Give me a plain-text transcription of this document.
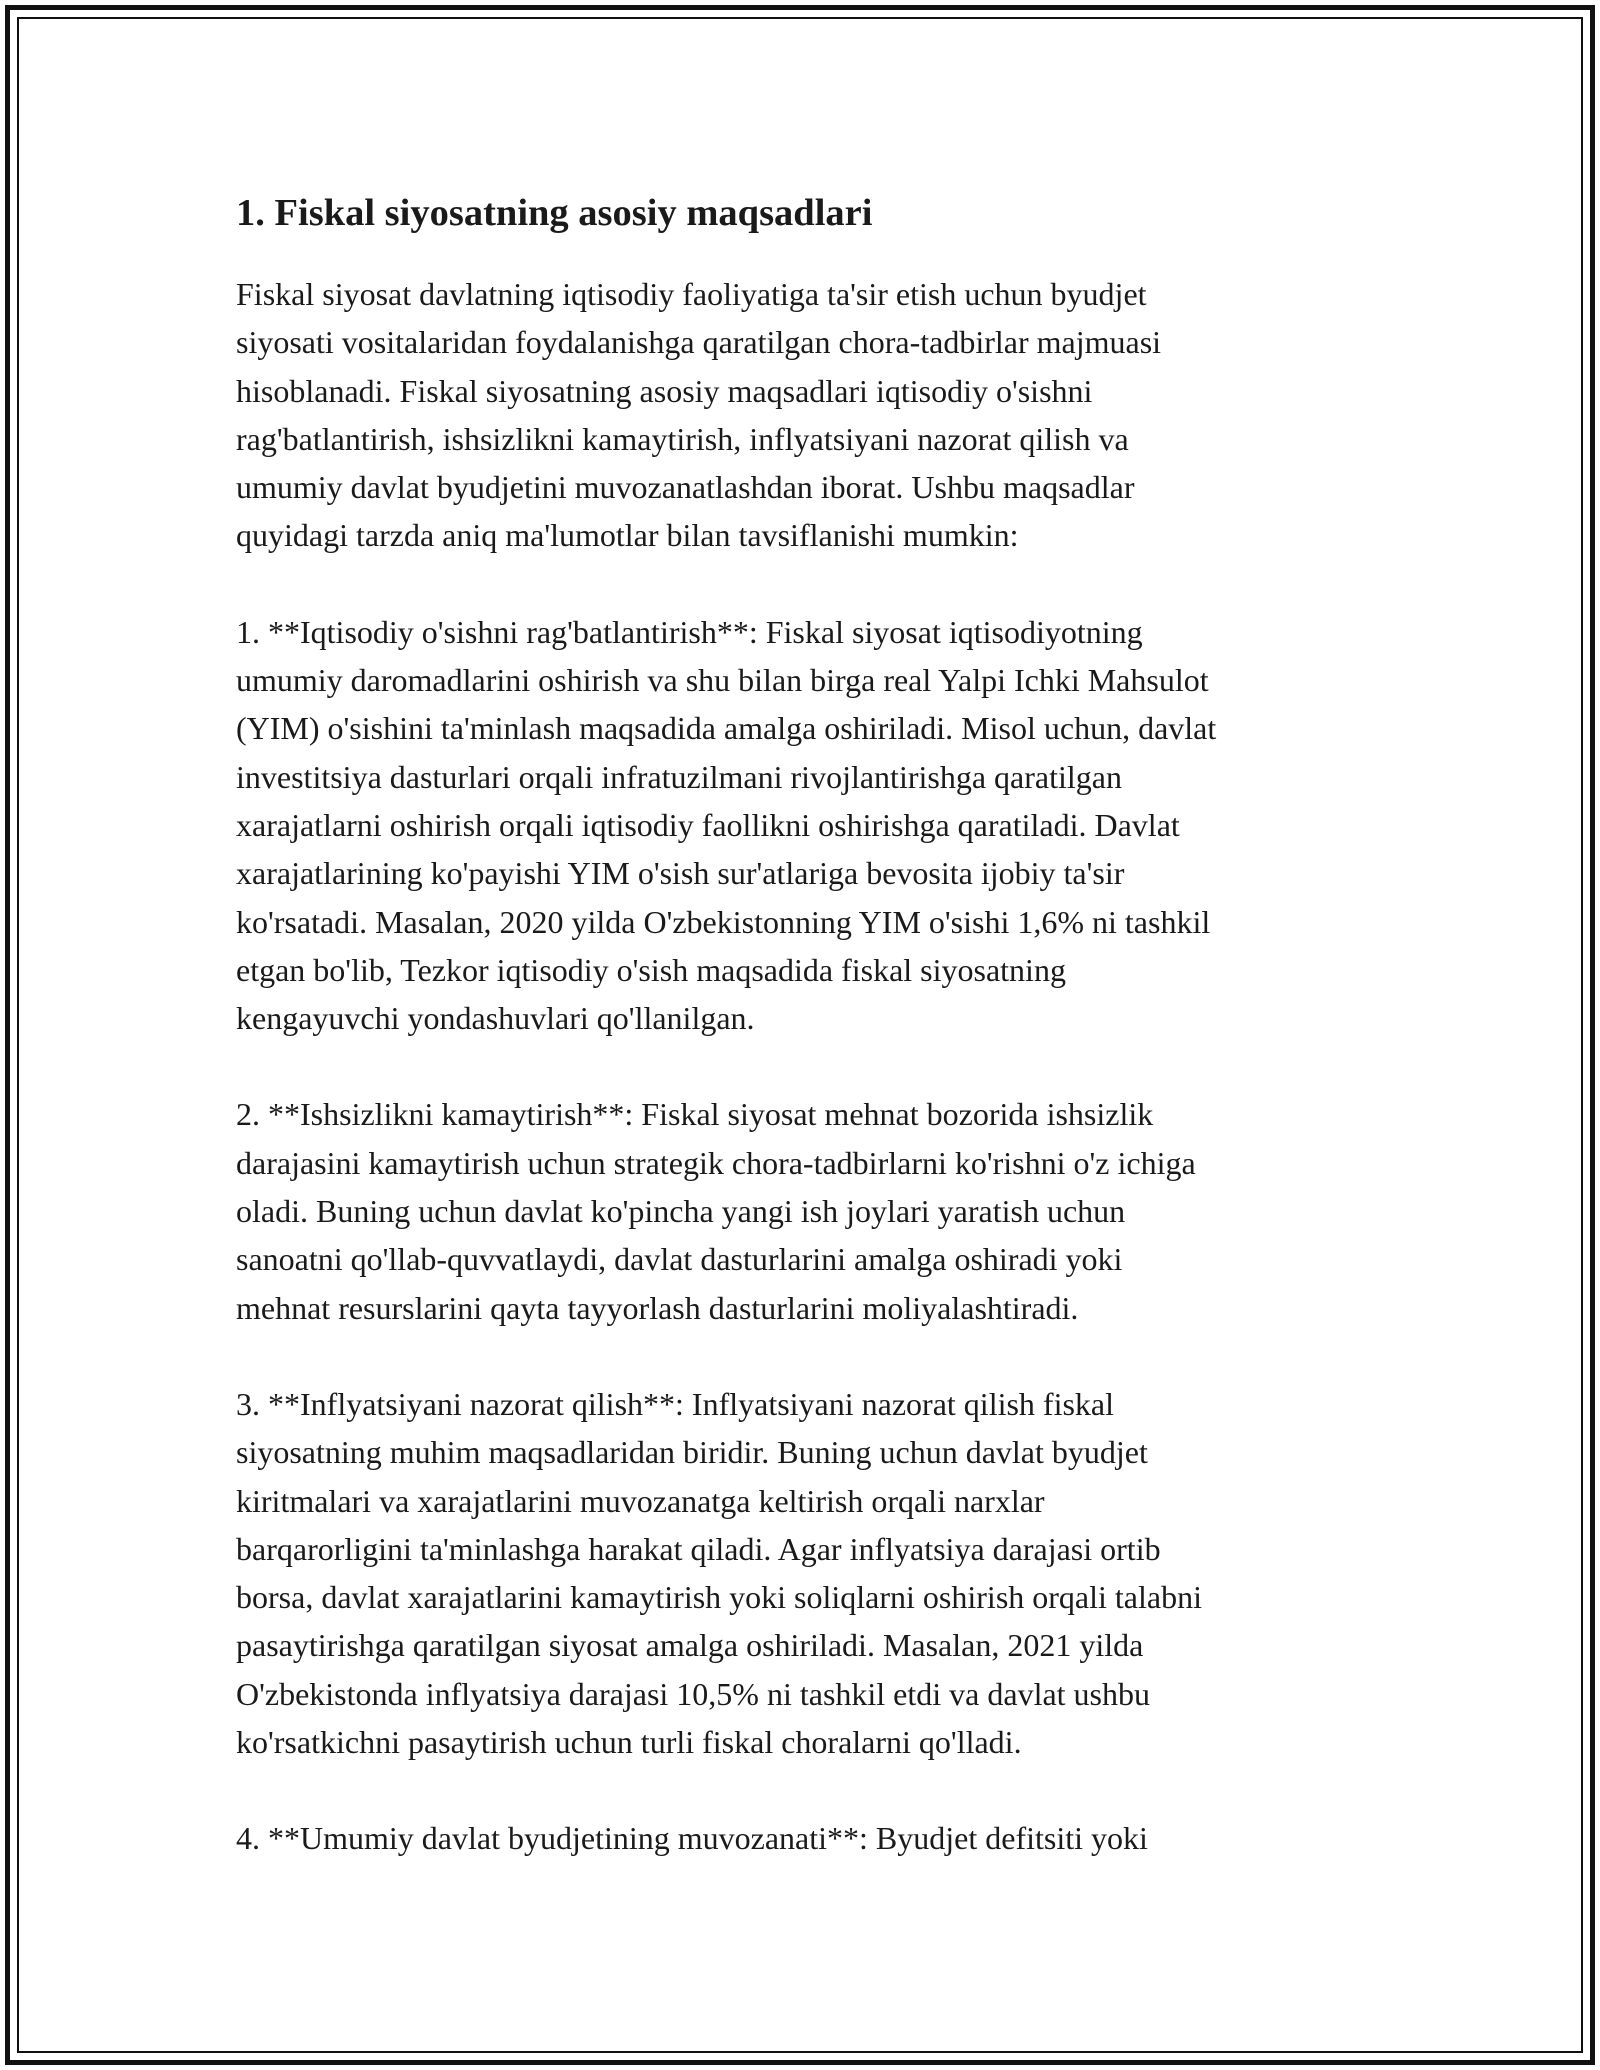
1. Fiskal siyosatning asosiy maqsadlari

Fiskal siyosat davlatning iqtisodiy faoliyatiga ta'sir etish uchun byudjet
siyosati vositalaridan foydalanishga qaratilgan chora-tadbirlar majmuasi
hisoblanadi. Fiskal siyosatning asosiy maqsadlari iqtisodiy o'sishni
rag'batlantirish, ishsizlikni kamaytirish, inflyatsiyani nazorat qilish va
umumiy davlat byudjetini muvozanatlashdan iborat. Ushbu maqsadlar
quyidagi tarzda aniq ma'lumotlar bilan tavsiflanishi mumkin:

1. **Iqtisodiy o'sishni rag'batlantirish**: Fiskal siyosat iqtisodiyotning
umumiy daromadlarini oshirish va shu bilan birga real Yalpi Ichki Mahsulot
(YIM) o'sishini ta'minlash maqsadida amalga oshiriladi. Misol uchun, davlat
investitsiya dasturlari orqali infratuzilmani rivojlantirishga qaratilgan
xarajatlarni oshirish orqali iqtisodiy faollikni oshirishga qaratiladi. Davlat
xarajatlarining ko'payishi YIM o'sish sur'atlariga bevosita ijobiy ta'sir
ko'rsatadi. Masalan, 2020 yilda O'zbekistonning YIM o'sishi 1,6% ni tashkil
etgan bo'lib, Tezkor iqtisodiy o'sish maqsadida fiskal siyosatning
kengayuvchi yondashuvlari qo'llanilgan.

2. **Ishsizlikni kamaytirish**: Fiskal siyosat mehnat bozorida ishsizlik
darajasini kamaytirish uchun strategik chora-tadbirlarni ko'rishni o'z ichiga
oladi. Buning uchun davlat ko'pincha yangi ish joylari yaratish uchun
sanoatni qo'llab-quvvatlaydi, davlat dasturlarini amalga oshiradi yoki
mehnat resurslarini qayta tayyorlash dasturlarini moliyalashtiradi.

3. **Inflyatsiyani nazorat qilish**: Inflyatsiyani nazorat qilish fiskal
siyosatning muhim maqsadlaridan biridir. Buning uchun davlat byudjet
kiritmalari va xarajatlarini muvozanatga keltirish orqali narxlar
barqarorligini ta'minlashga harakat qiladi. Agar inflyatsiya darajasi ortib
borsa, davlat xarajatlarini kamaytirish yoki soliqlarni oshirish orqali talabni
pasaytirishga qaratilgan siyosat amalga oshiriladi. Masalan, 2021 yilda
O'zbekistonda inflyatsiya darajasi 10,5% ni tashkil etdi va davlat ushbu
ko'rsatkichni pasaytirish uchun turli fiskal choralarni qo'lladi.

4. **Umumiy davlat byudjetining muvozanati**: Byudjet defitsiti yoki
